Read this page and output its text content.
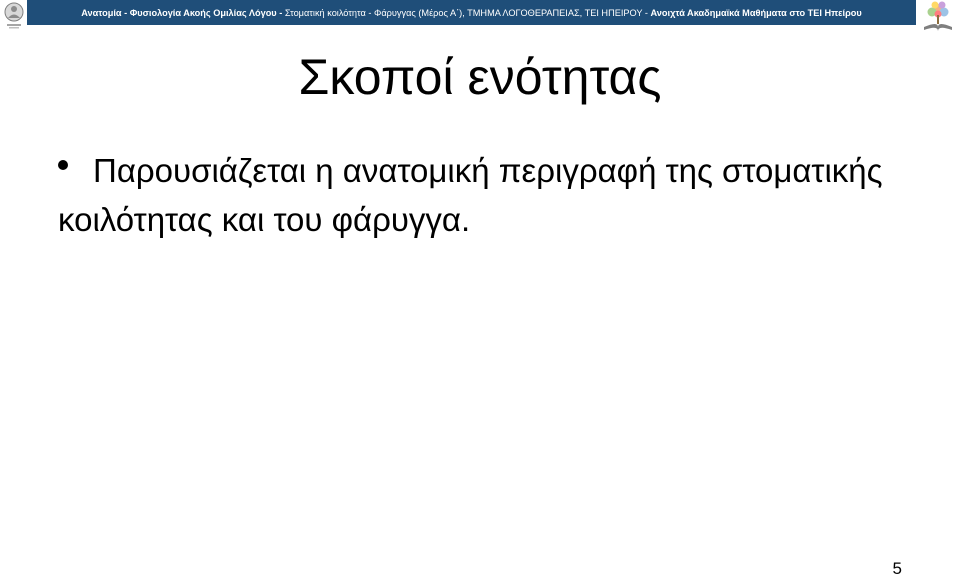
Ανατομία - Φυσιολογία Ακοής Ομιλίας Λόγου - Στοματική κοιλότητα - Φάρυγγας (Μέρος Α΄), ΤΜΗΜΑ ΛΟΓΟΘΕΡΑΠΕΙΑΣ, ΤΕΙ ΗΠΕΙΡΟΥ - Ανοιχτά Ακαδημαϊκά Μαθήματα στο ΤΕΙ Ηπείρου
Σκοποί ενότητας
Παρουσιάζεται η ανατομική περιγραφή της στοματικής κοιλότητας και του φάρυγγα.
5
